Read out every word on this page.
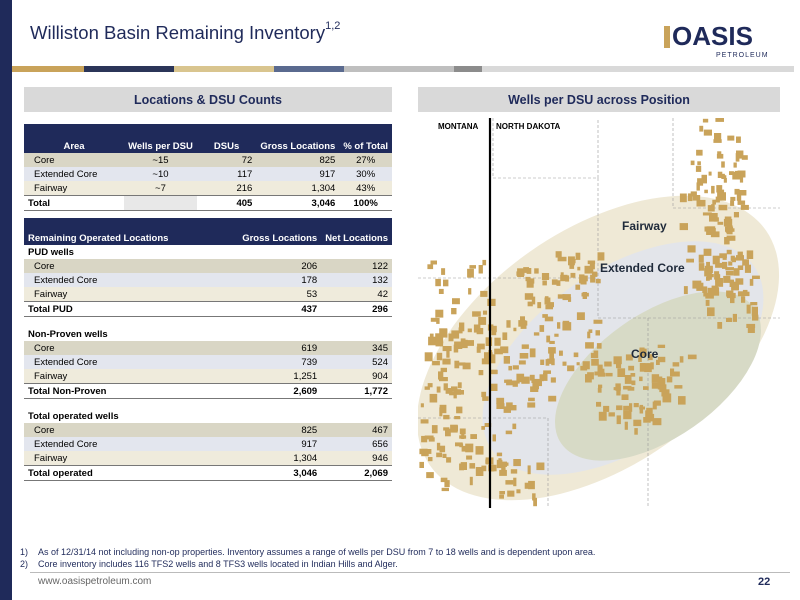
Williston Basin Remaining Inventory$^{1,2}$	OASIS
PETROLEUM
Locations & DSU Counts
Area	Wells per DSU	DSUs	Gross Locations	% of Total
Core	~15	72	825	27%
Extended Core	~10	117	917	30%
Fairway	~7	216	1,304	43%
Total		405	3,046	100%
Remaining Operated Locations	Gross Locations	Net Locations
PUD wells		
Core	206	122
Extended Core	178	132
Fairway	53	42
Total PUD	437	296

Non-Proven wells		
Core	619	345
Extended Core	739	524
Fairway	1,251	904
Total Non-Proven	2,609	1,772

Total operated wells		
Core	825	467
Extended Core	917	656
Fairway	1,304	946
Total operated	3,046	2,069
Wells per DSU across Position
MONTANA NORTH DAKOTA
Fairway
Extended Core
Core
1)	As of 12/31/14 not including non-op properties. Inventory assumes a range of wells per DSU from 7 to 18 wells and is dependent upon area.
2)	Core inventory includes 116 TFS2 wells and 8 TFS3 wells located in Indian Hills and Alger.
www.oasispetroleum.com	22
